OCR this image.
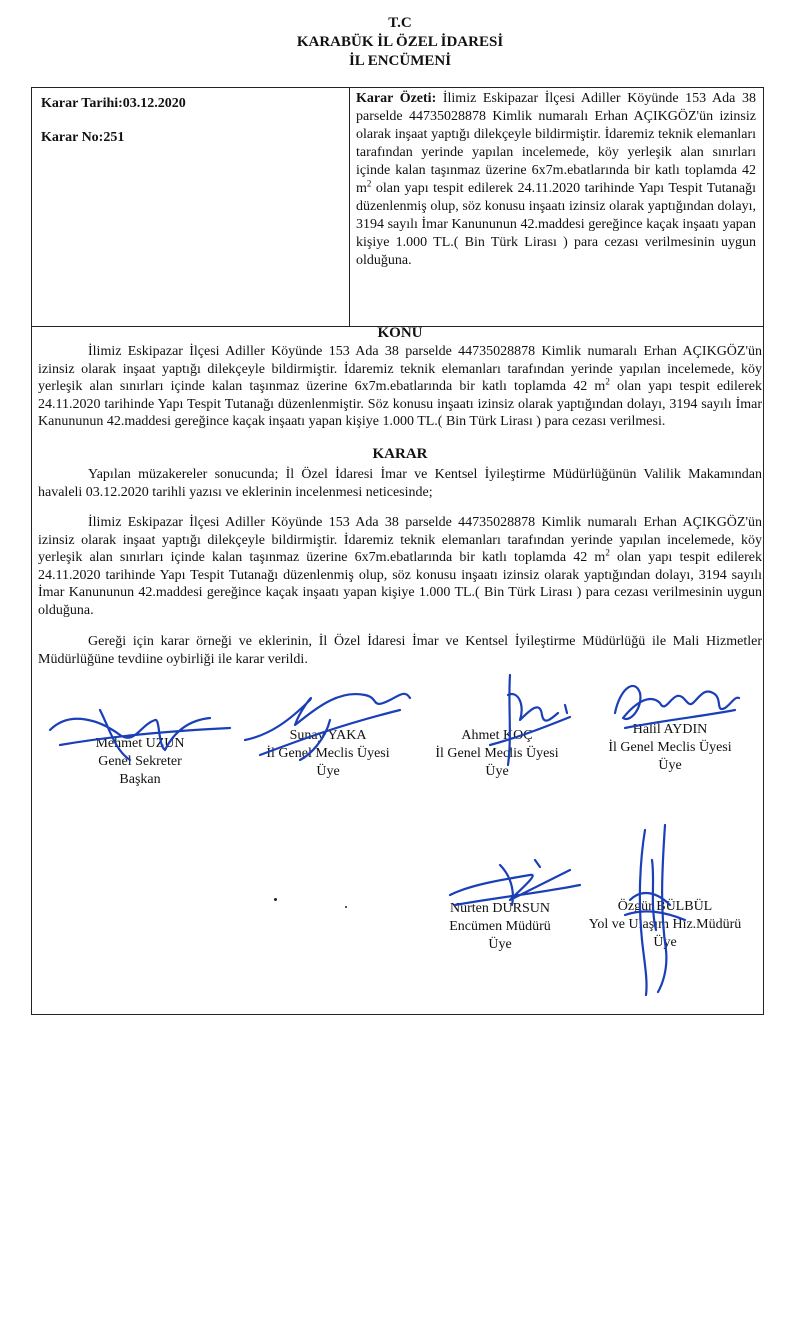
T.C
KARABÜK İL ÖZEL İDARESİ
İL ENCÜMENİ
Karar Tarihi:03.12.2020
Karar No:251
Karar Özeti: İlimiz Eskipazar İlçesi Adiller Köyünde 153 Ada 38 parselde 44735028878 Kimlik numaralı Erhan AÇIKGÖZ'ün izinsiz olarak inşaat yaptığı dilekçeyle bildirmiştir. İdaremiz teknik elemanları tarafından yerinde yapılan incelemede, köy yerleşik alan sınırları içinde kalan taşınmaz üzerine 6x7m.ebatlarında bir katlı toplamda 42 $m^2$ olan yapı tespit edilerek 24.11.2020 tarihinde Yapı Tespit Tutanağı düzenlenmiş olup, söz konusu inşaatı izinsiz olarak yaptığından dolayı, 3194 sayılı İmar Kanununun 42.maddesi gereğince kaçak inşaatı yapan kişiye 1.000 TL.( Bin Türk Lirası ) para cezası verilmesinin uygun olduğuna.
KONU
İlimiz Eskipazar İlçesi Adiller Köyünde 153 Ada 38 parselde 44735028878 Kimlik numaralı Erhan AÇIKGÖZ'ün izinsiz olarak inşaat yaptığı dilekçeyle bildirmiştir. İdaremiz teknik elemanları tarafından yerinde yapılan incelemede, köy yerleşik alan sınırları içinde kalan taşınmaz üzerine 6x7m.ebatlarında bir katlı toplamda 42 $m^2$ olan yapı tespit edilerek 24.11.2020 tarihinde Yapı Tespit Tutanağı düzenlenmiştir. Söz konusu inşaatı izinsiz olarak yaptığından dolayı, 3194 sayılı İmar Kanununun 42.maddesi gereğince kaçak inşaatı yapan kişiye 1.000 TL.( Bin Türk Lirası ) para cezası verilmesi.
KARAR
Yapılan müzakereler sonucunda; İl Özel İdaresi İmar ve Kentsel İyileştirme Müdürlüğünün Valilik Makamından havaleli 03.12.2020 tarihli yazısı ve eklerinin incelenmesi neticesinde;
İlimiz Eskipazar İlçesi Adiller Köyünde 153 Ada 38 parselde 44735028878 Kimlik numaralı Erhan AÇIKGÖZ'ün izinsiz olarak inşaat yaptığı dilekçeyle bildirmiştir. İdaremiz teknik elemanları tarafından yerinde yapılan incelemede, köy yerleşik alan sınırları içinde kalan taşınmaz üzerine 6x7m.ebatlarında bir katlı toplamda 42 $m^2$ olan yapı tespit edilerek 24.11.2020 tarihinde Yapı Tespit Tutanağı düzenlenmiş olup, söz konusu inşaatı izinsiz olarak yaptığından dolayı, 3194 sayılı İmar Kanununun 42.maddesi gereğince kaçak inşaatı yapan kişiye 1.000 TL.( Bin Türk Lirası ) para cezası verilmesinin uygun olduğuna.
Gereği için karar örneği ve eklerinin, İl Özel İdaresi İmar ve Kentsel İyileştirme Müdürlüğü ile Mali Hizmetler Müdürlüğüne tevdiine oybirliği ile karar verildi.
Mehmet UZUN
Genel Sekreter
Başkan
Sunay YAKA
İl Genel Meclis Üyesi
Üye
Ahmet KOÇ
İl Genel Meclis Üyesi
Üye
Halil AYDIN
İl Genel Meclis Üyesi
Üye
Nurten DURSUN
Encümen Müdürü
Üye
Özgür BÜLBÜL
Yol ve Ulaşım Hiz.Müdürü
Üye
